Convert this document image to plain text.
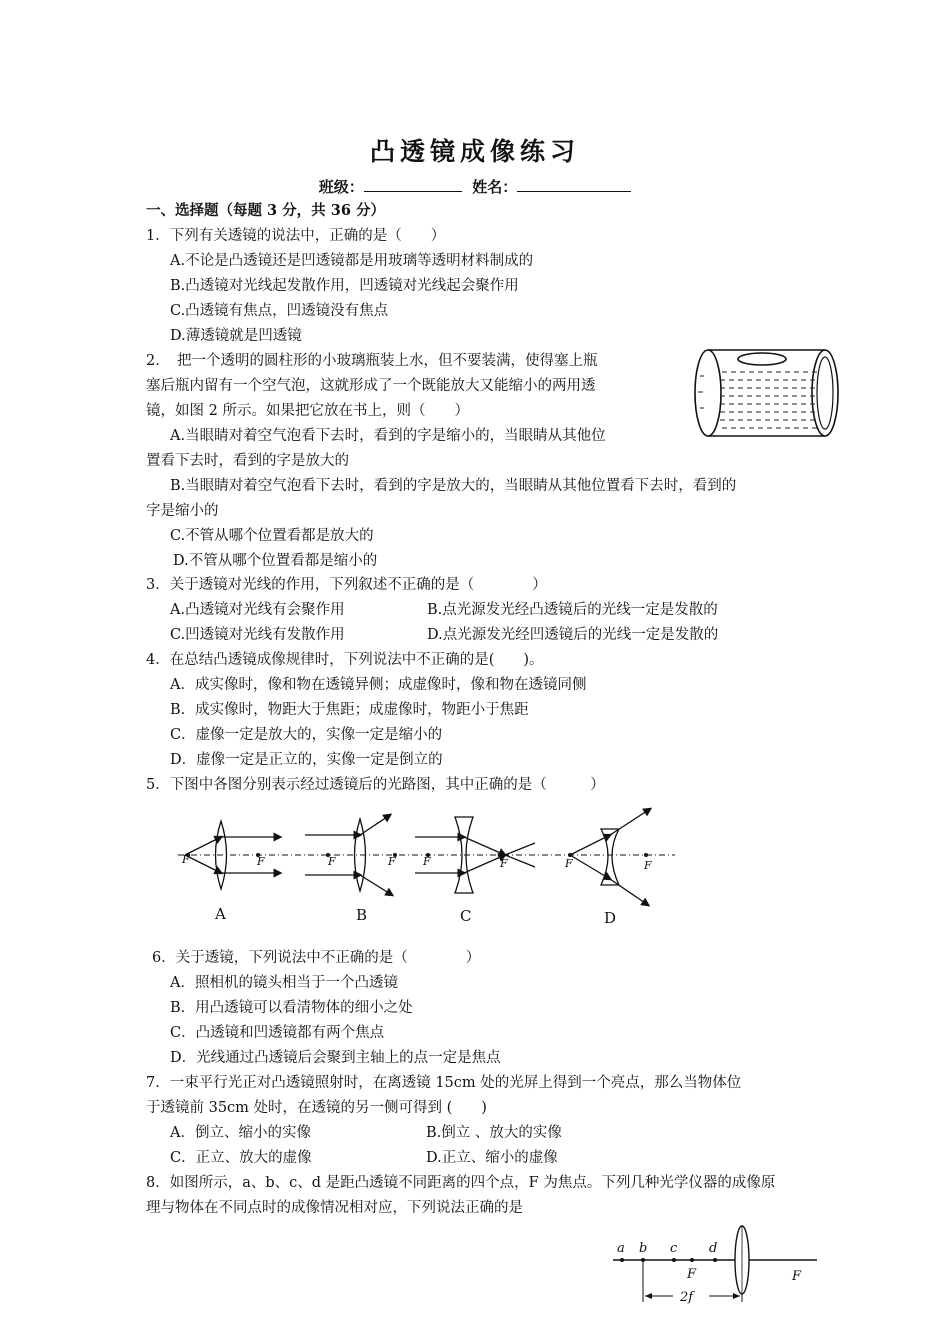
凸透镜成像练习
班级：	姓名：
一、选择题（每题 3 分，共 36 分）
1．下列有关透镜的说法中，正确的是（　　）
A.不论是凸透镜还是凹透镜都是用玻璃等透明材料制成的
B.凸透镜对光线起发散作用，凹透镜对光线起会聚作用
C.凸透镜有焦点，凹透镜没有焦点
D.薄透镜就是凹透镜
2．　把一个透明的圆柱形的小玻璃瓶装上水，但不要装满，使得塞上瓶
塞后瓶内留有一个空气泡，这就形成了一个既能放大又能缩小的两用透
镜，如图 2 所示。如果把它放在书上，则（　　）
A.当眼睛对着空气泡看下去时，看到的字是缩小的，当眼睛从其他位
置看下去时，看到的字是放大的
B.当眼睛对着空气泡看下去时，看到的字是放大的，当眼睛从其他位置看下去时，看到的
字是缩小的
C.不管从哪个位置看都是放大的
D.不管从哪个位置看都是缩小的
3．关于透镜对光线的作用，下列叙述不正确的是（　　　　）
A.凸透镜对光线有会聚作用	B.点光源发光经凸透镜后的光线一定是发散的
C.凹透镜对光线有发散作用	D.点光源发光经凹透镜后的光线一定是发散的
4．在总结凸透镜成像规律时，下列说法中不正确的是(　　)。
A．成实像时，像和物在透镜异侧；成虚像时，像和物在透镜同侧
B．成实像时，物距大于焦距；成虚像时，物距小于焦距
C．虚像一定是放大的，实像一定是缩小的
D．虚像一定是正立的，实像一定是倒立的
5．下图中各图分别表示经过透镜后的光路图，其中正确的是（　　　）
F	F	F	F F	F	F	F
A	B	C	D
6．关于透镜，下列说法中不正确的是（　　　　）
A．照相机的镜头相当于一个凸透镜
B．用凸透镜可以看清物体的细小之处
C．凸透镜和凹透镜都有两个焦点
D．光线通过凸透镜后会聚到主轴上的点一定是焦点
7．一束平行光正对凸透镜照射时，在离透镜 15cm 处的光屏上得到一个亮点，那么当物体位
于透镜前 35cm 处时，在透镜的另一侧可得到 (　　)
A．倒立、缩小的实像	B.倒立 、放大的实像
C．正立、放大的虚像	D.正立、缩小的虚像
8．如图所示，a、b、c、d 是距凸透镜不同距离的四个点，F 为焦点。下列几种光学仪器的成像原
理与物体在不同点时的成像情况相对应，下列说法正确的是
a b c d
F	F
2f
